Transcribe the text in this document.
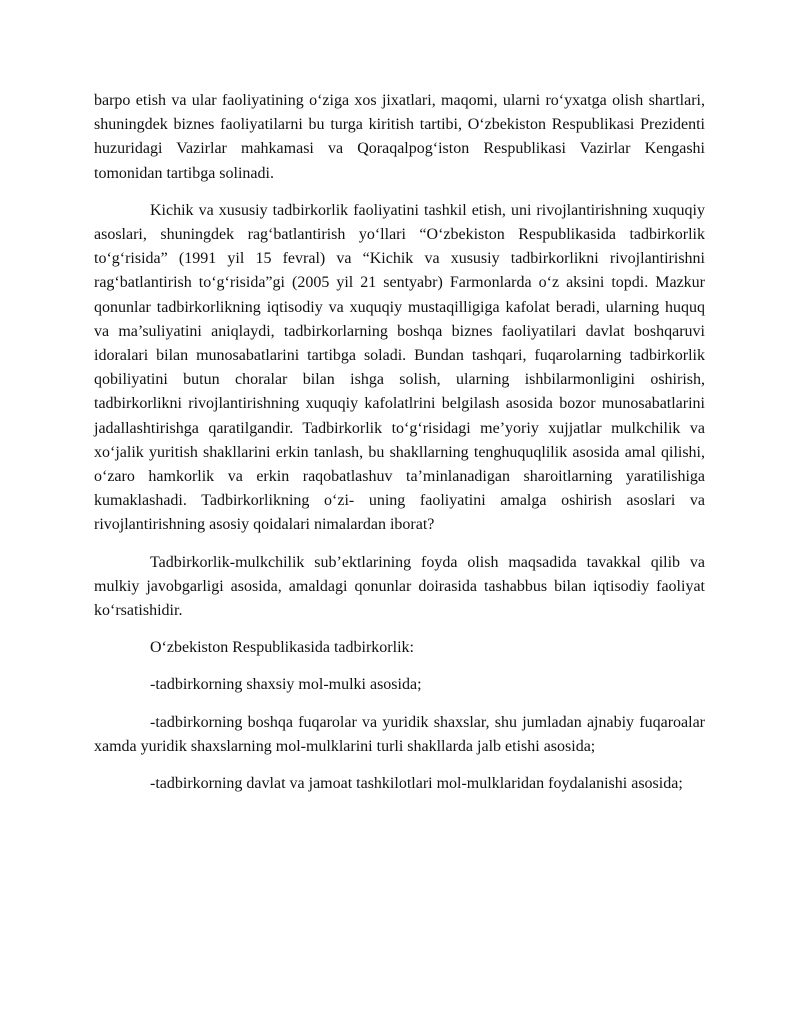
barpo etish va ular faoliyatining o‘ziga xos jixatlari, maqomi, ularni ro‘yxatga olish shartlari, shuningdek biznes faoliyatilarni bu turga kiritish tartibi, O‘zbekiston Respublikasi Prezidenti huzuridagi Vazirlar mahkamasi va Qoraqalpog‘iston Respublikasi Vazirlar Kengashi tomonidan tartibga solinadi.

Kichik va xususiy tadbirkorlik faoliyatini tashkil etish, uni rivojlantirishning xuquqiy asoslari, shuningdek rag‘batlantirish yo‘llari “O‘zbekiston Respublikasida tadbirkorlik to‘g‘risida” (1991 yil 15 fevral) va “Kichik va xususiy tadbirkorlikni rivojlantirishni rag‘batlantirish to‘g‘risida”gi (2005 yil 21 sentyabr) Farmonlarda o‘z aksini topdi. Mazkur qonunlar tadbirkorlikning iqtisodiy va xuquqiy mustaqilligiga kafolat beradi, ularning huquq va ma’suliyatini aniqlaydi, tadbirkorlarning boshqa biznes faoliyatilari davlat boshqaruvi idoralari bilan munosabatlarini tartibga soladi. Bundan tashqari, fuqarolarning tadbirkorlik qobiliyatini butun choralar bilan ishga solish, ularning ishbilarmonligini oshirish, tadbirkorlikni rivojlantirishning xuquqiy kafolatlrini belgilash asosida bozor munosabatlarini jadallashtirishga qaratilgandir. Tadbirkorlik to‘g‘risidagi me’yoriy xujjatlar mulkchilik va xo‘jalik yuritish shakllarini erkin tanlash, bu shakllarning tenghuquqlilik asosida amal qilishi, o‘zaro hamkorlik va erkin raqobatlashuv ta’minlanadigan sharoitlarning yaratilishiga kumaklashadi. Tadbirkorlikning o‘zi- uning faoliyatini amalga oshirish asoslari va rivojlantirishning asosiy qoidalari nimalardan iborat?

Tadbirkorlik-mulkchilik sub’ektlarining foyda olish maqsadida tavakkal qilib va mulkiy javobgarligi asosida, amaldagi qonunlar doirasida tashabbus bilan iqtisodiy faoliyat ko‘rsatishidir.

O‘zbekiston Respublikasida tadbirkorlik:

-tadbirkorning shaxsiy mol-mulki asosida;

-tadbirkorning boshqa fuqarolar va yuridik shaxslar, shu jumladan ajnabiy fuqaroalar xamda yuridik shaxslarning mol-mulklarini turli shakllarda jalb etishi asosida;

-tadbirkorning davlat va jamoat tashkilotlari mol-mulklaridan foydalanishi asosida;
